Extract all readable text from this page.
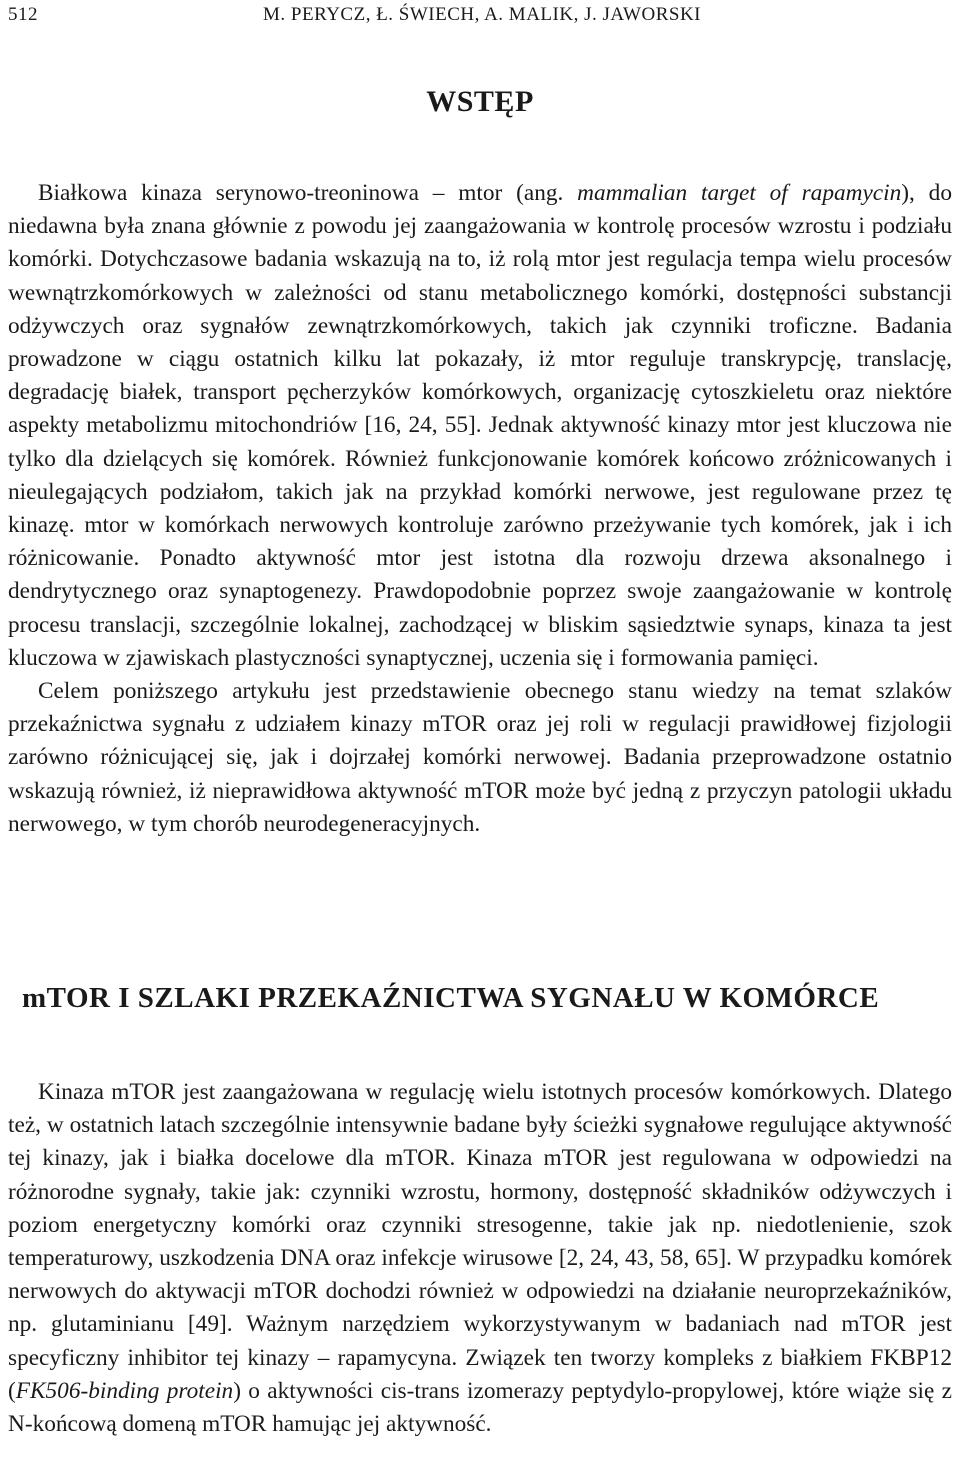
512	M. PERYCZ, Ł. ŚWIECH, A. MALIK, J. JAWORSKI
WSTĘP

Białkowa kinaza serynowo-treoninowa – mtor (ang. mammalian target of rapamycin), do niedawna była znana głównie z powodu jej zaangażowania w kontrolę procesów wzrostu i podziału komórki. Dotychczasowe badania wskazują na to, iż rolą mtor jest regulacja tempa wielu procesów wewnątrzkomórkowych w zależności od stanu metabolicznego komórki, dostępności substancji odżywczych oraz sygnałów zewnątrzkomórkowych, takich jak czynniki troficzne. Badania prowadzone w ciągu ostatnich kilku lat pokazały, iż mtor reguluje transkrypcję, translację, degradację białek, transport pęcherzyków komórkowych, organizację cytoszkieletu oraz niektóre aspekty metabolizmu mitochondriów [16, 24, 55]. Jednak aktywność kinazy mtor jest kluczowa nie tylko dla dzielących się komórek. Również funkcjonowanie komórek końcowo zróżnicowanych i nieulegających podziałom, takich jak na przykład komórki nerwowe, jest regulowane przez tę kinazę. mtor w komórkach nerwowych kontroluje zarówno przeżywanie tych komórek, jak i ich różnicowanie. Ponadto aktywność mtor jest istotna dla rozwoju drzewa aksonalnego i dendrytycznego oraz synaptogenezy. Prawdopodobnie poprzez swoje zaangażowanie w kontrolę procesu translacji, szczególnie lokalnej, zachodzącej w bliskim sąsiedztwie synaps, kinaza ta jest kluczowa w zjawiskach plastyczności synaptycznej, uczenia się i formowania pamięci.

Celem poniższego artykułu jest przedstawienie obecnego stanu wiedzy na temat szlaków przekaźnictwa sygnału z udziałem kinazy mTOR oraz jej roli w regulacji prawidłowej fizjologii zarówno różnicującej się, jak i dojrzałej komórki nerwowej. Badania przeprowadzone ostatnio wskazują również, iż nieprawidłowa aktywność mTOR może być jedną z przyczyn patologii układu nerwowego, w tym chorób neurodegeneracyjnych.

mTOR I SZLAKI PRZEKAŹNICTWA SYGNAŁU W KOMÓRCE

Kinaza mTOR jest zaangażowana w regulację wielu istotnych procesów komórkowych. Dlatego też, w ostatnich latach szczególnie intensywnie badane były ścieżki sygnałowe regulujące aktywność tej kinazy, jak i białka docelowe dla mTOR. Kinaza mTOR jest regulowana w odpowiedzi na różnorodne sygnały, takie jak: czynniki wzrostu, hormony, dostępność składników odżywczych i poziom energetyczny komórki oraz czynniki stresogenne, takie jak np. niedotlenienie, szok temperaturowy, uszkodzenia DNA oraz infekcje wirusowe [2, 24, 43, 58, 65]. W przypadku komórek nerwowych do aktywacji mTOR dochodzi również w odpowiedzi na działanie neuroprzekaźników, np. glutaminianu [49]. Ważnym narzędziem wykorzystywanym w badaniach nad mTOR jest specyficzny inhibitor tej kinazy – rapamycyna. Związek ten tworzy kompleks z białkiem FKBP12 (FK506-binding protein) o aktywności cis-trans izomerazy peptydylo-propylowej, które wiąże się z N-końcową domeną mTOR hamując jej aktywność.
